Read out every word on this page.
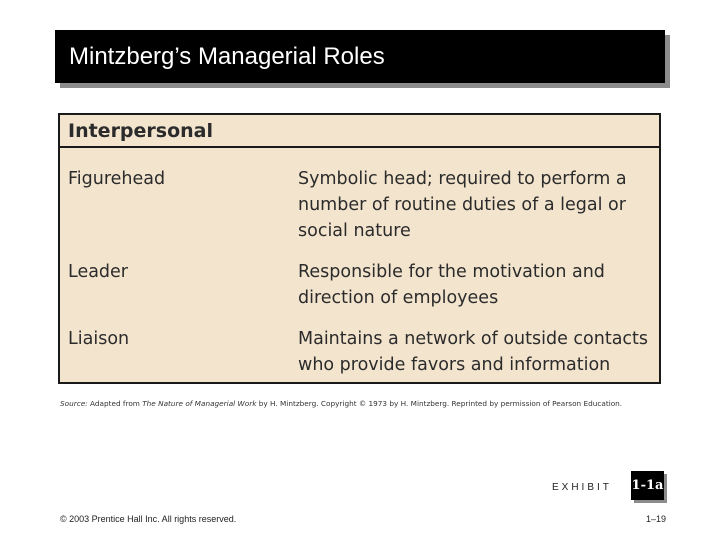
Mintzberg’s Managerial Roles
Interpersonal
Figurehead	Symbolic head; required to perform a
number of routine duties of a legal or
social nature
Leader	Responsible for the motivation and
direction of employees
Liaison	Maintains a network of outside contacts
who provide favors and information
Source: Adapted from The Nature of Managerial Work by H. Mintzberg. Copyright © 1973 by H. Mintzberg. Reprinted by permission of Pearson Education.
EXHIBIT 1-1a
© 2003 Prentice Hall Inc. All rights reserved.	1–19
